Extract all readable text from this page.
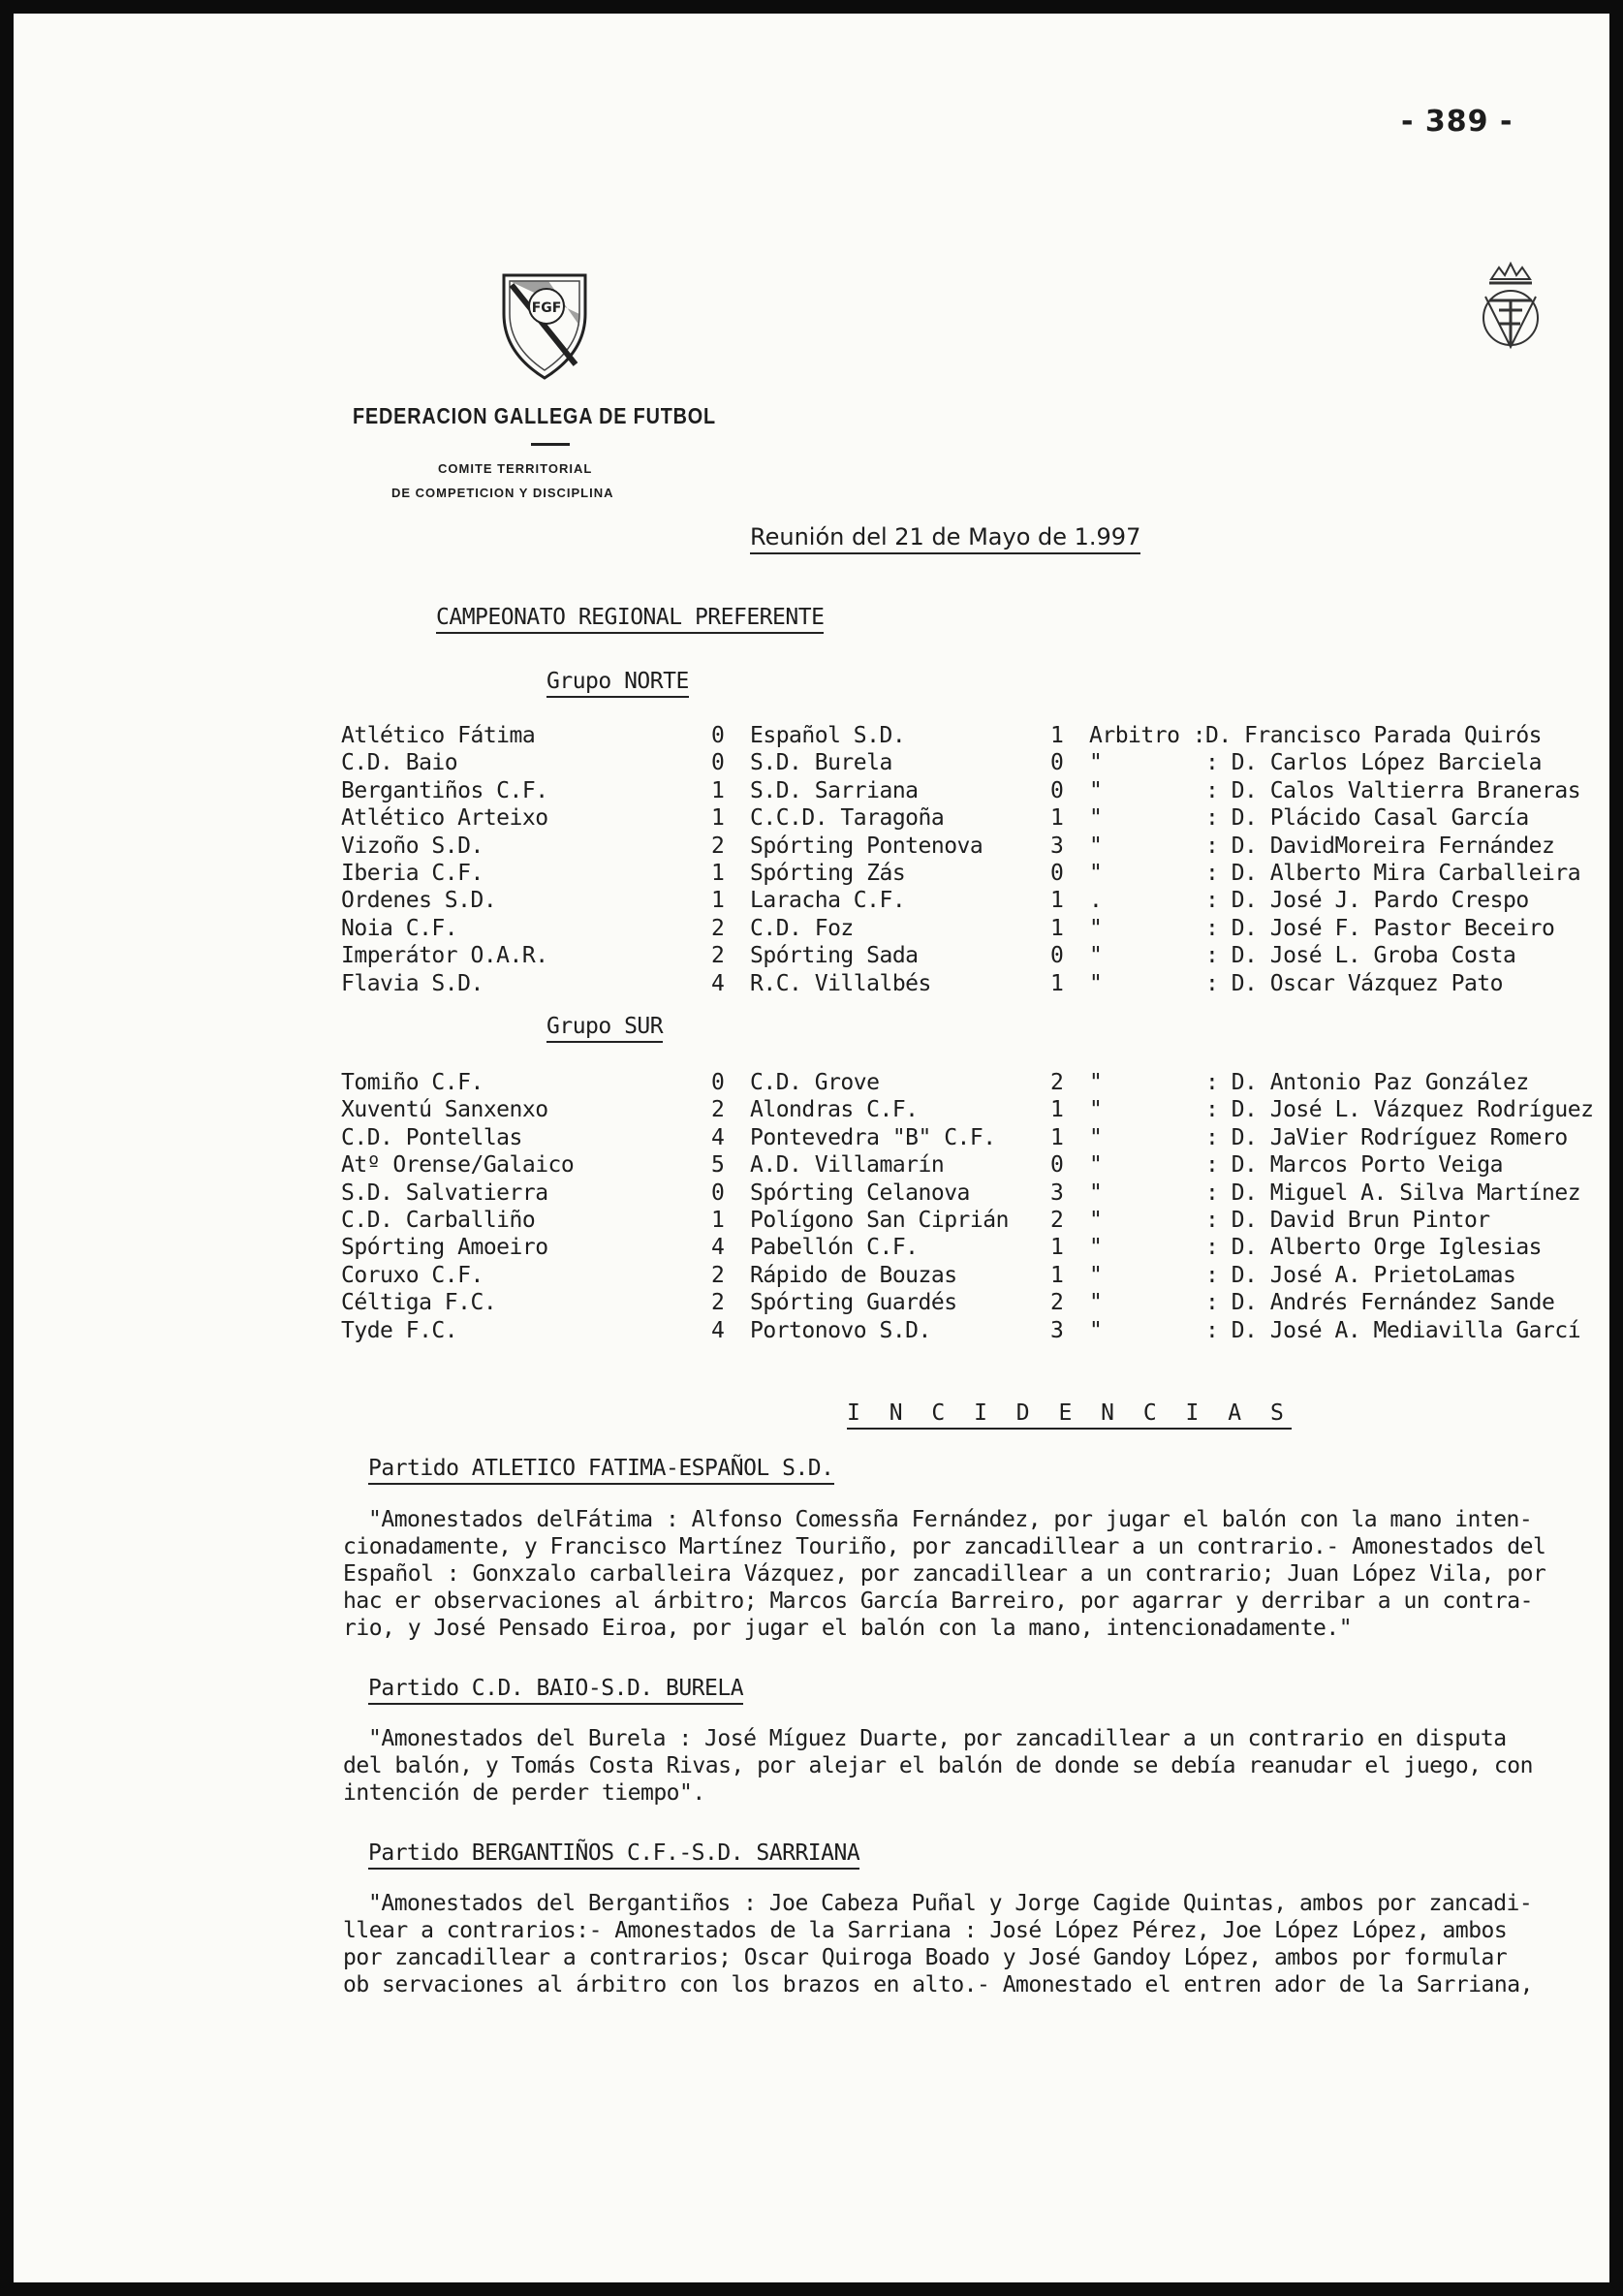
- 389 -
FGF
FEDERACION GALLEGA DE FUTBOL
COMITE TERRITORIAL
DE COMPETICION Y DISCIPLINA
Reunión del 21 de Mayo de 1.997
CAMPEONATO REGIONAL PREFERENTE
Grupo NORTE
Atlético Fátima	0 Español S.D.	1 Arbitro : D. Francisco Parada Quirós
C.D. Baio	0 S.D. Burela	0 "	: D. Carlos López Barciela
Bergantiños C.F.	1 S.D. Sarriana	0 "	: D. Calos Valtierra Braneras
Atlético Arteixo	1 C.C.D. Taragoña	1 "	: D. Plácido Casal García
Vizoño S.D.	2 Spórting Pontenova	3 "	: D. DavidMoreira Fernández
Iberia C.F.	1 Spórting Zás	0 "	: D. Alberto Mira Carballeira
Ordenes S.D.	1 Laracha C.F.	1 .	: D. José J. Pardo Crespo
Noia C.F.	2 C.D. Foz	1 "	: D. José F. Pastor Beceiro
Imperátor O.A.R.	2 Spórting Sada	0 "	: D. José L. Groba Costa
Flavia S.D.	4 R.C. Villalbés	1 "	: D. Oscar Vázquez Pato
Grupo SUR
Tomiño C.F.	0 C.D. Grove	2 "	: D. Antonio Paz González
Xuventú Sanxenxo	2 Alondras C.F.	1 "	: D. José L. Vázquez Rodríguez
C.D. Pontellas	4 Pontevedra "B" C.F. 1 "	: D. JaVier Rodríguez Romero
Atº Orense/Galaico	5 A.D. Villamarín	0 "	: D. Marcos Porto Veiga
S.D. Salvatierra	0 Spórting Celanova	3 "	: D. Miguel A. Silva Martínez
C.D. Carballiño	1 Polígono San Ciprián 2 "	: D. David Brun Pintor
Spórting Amoeiro	4 Pabellón C.F.	1 "	: D. Alberto Orge Iglesias
Coruxo C.F.	2 Rápido de Bouzas	1 "	: D. José A. PrietoLamas
Céltiga F.C.	2 Spórting Guardés	2 "	: D. Andrés Fernández Sande
Tyde F.C.	4 Portonovo S.D.	3 "	: D. José A. Mediavilla Garcí
I N C I D E N C I A S
Partido ATLETICO FATIMA-ESPAÑOL S.D.
"Amonestados delFátima : Alfonso Comessña Fernández, por jugar el balón con la mano inten-
cionadamente, y Francisco Martínez Touriño, por zancadillear a un contrario.- Amonestados del
Español : Gonxzalo carballeira Vázquez, por zancadillear a un contrario; Juan López Vila, por
hac er observaciones al árbitro; Marcos García Barreiro, por agarrar y derribar a un contra-
rio, y José Pensado Eiroa, por jugar el balón con la mano, intencionadamente."
Partido C.D. BAIO-S.D. BURELA
"Amonestados del Burela : José Míguez Duarte, por zancadillear a un contrario en disputa
del balón, y Tomás Costa Rivas, por alejar el balón de donde se debía reanudar el juego, con
intención de perder tiempo".
Partido BERGANTIÑOS C.F.-S.D. SARRIANA
"Amonestados del Bergantiños : Joe Cabeza Puñal y Jorge Cagide Quintas, ambos por zancadi-
llear a contrarios:- Amonestados de la Sarriana : José López Pérez, Joe López López, ambos
por zancadillear a contrarios; Oscar Quiroga Boado y José Gandoy López, ambos por formular
ob servaciones al árbitro con los brazos en alto.- Amonestado el entren ador de la Sarriana,
